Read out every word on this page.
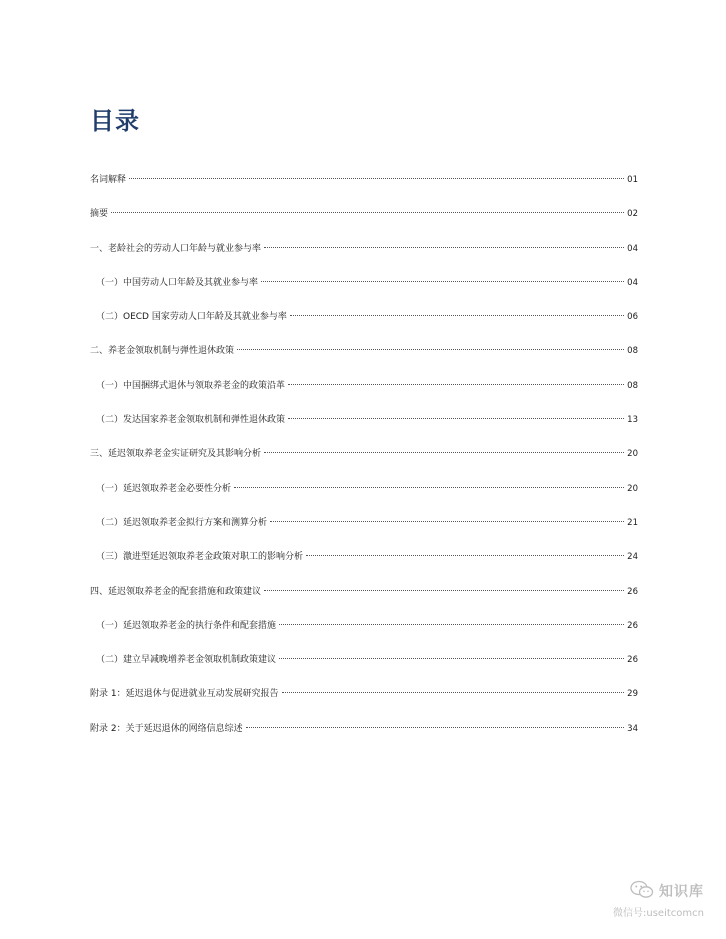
目录
名词解释	01
摘要	02
一、老龄社会的劳动人口年龄与就业参与率	04
（一）中国劳动人口年龄及其就业参与率	04
（二）OECD 国家劳动人口年龄及其就业参与率	06
二、养老金领取机制与弹性退休政策	08
（一）中国捆绑式退休与领取养老金的政策沿革	08
（二）发达国家养老金领取机制和弹性退休政策	13
三、延迟领取养老金实证研究及其影响分析	20
（一）延迟领取养老金必要性分析	20
（二）延迟领取养老金拟行方案和测算分析	21
（三）激进型延迟领取养老金政策对职工的影响分析	24
四、延迟领取养老金的配套措施和政策建议	26
（一）延迟领取养老金的执行条件和配套措施	26
（二）建立早减晚增养老金领取机制政策建议	26
附录 1：延迟退休与促进就业互动发展研究报告	29
附录 2：关于延迟退休的网络信息综述	34
知识库
微信号:useitcomcn
